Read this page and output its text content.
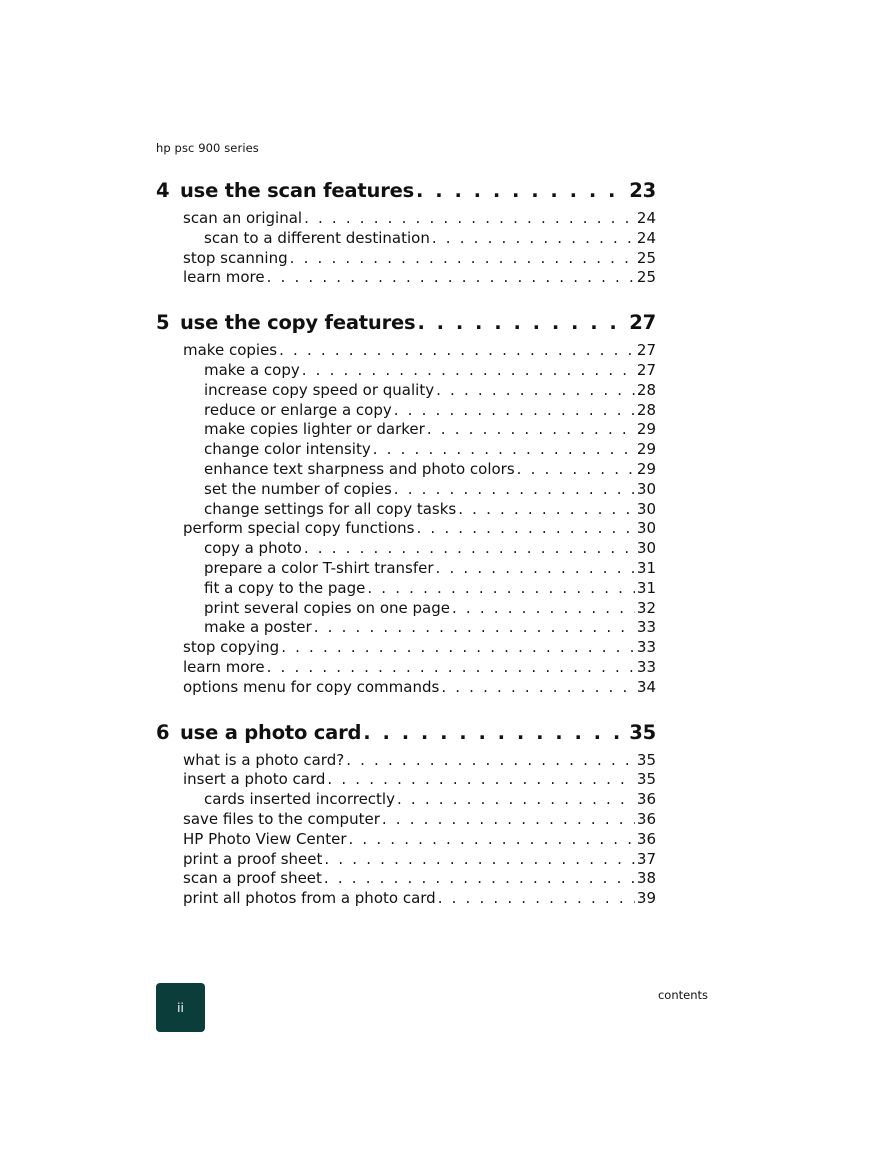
hp psc 900 series
4 use the scan features . . .	23
scan an original . . .	24
scan to a different destination . . .	24
stop scanning . . .	25
learn more . . .	25
5 use the copy features . . .	27
make copies . . .	27
make a copy . . .	27
increase copy speed or quality . . .	28
reduce or enlarge a copy . . .	28
make copies lighter or darker . . .	29
change color intensity . . .	29
enhance text sharpness and photo colors . . .	29
set the number of copies . . .	30
change settings for all copy tasks . . .	30
perform special copy functions . . .	30
copy a photo . . .	30
prepare a color T-shirt transfer . . .	31
fit a copy to the page . . .	31
print several copies on one page . . .	32
make a poster . . .	33
stop copying . . .	33
learn more . . .	33
options menu for copy commands . . .	34
6 use a photo card . . .	35
what is a photo card? . . .	35
insert a photo card . . .	35
cards inserted incorrectly . . .	36
save files to the computer . . .	36
HP Photo View Center . . .	36
print a proof sheet . . .	37
scan a proof sheet . . .	38
print all photos from a photo card . . .	39
ii
contents
